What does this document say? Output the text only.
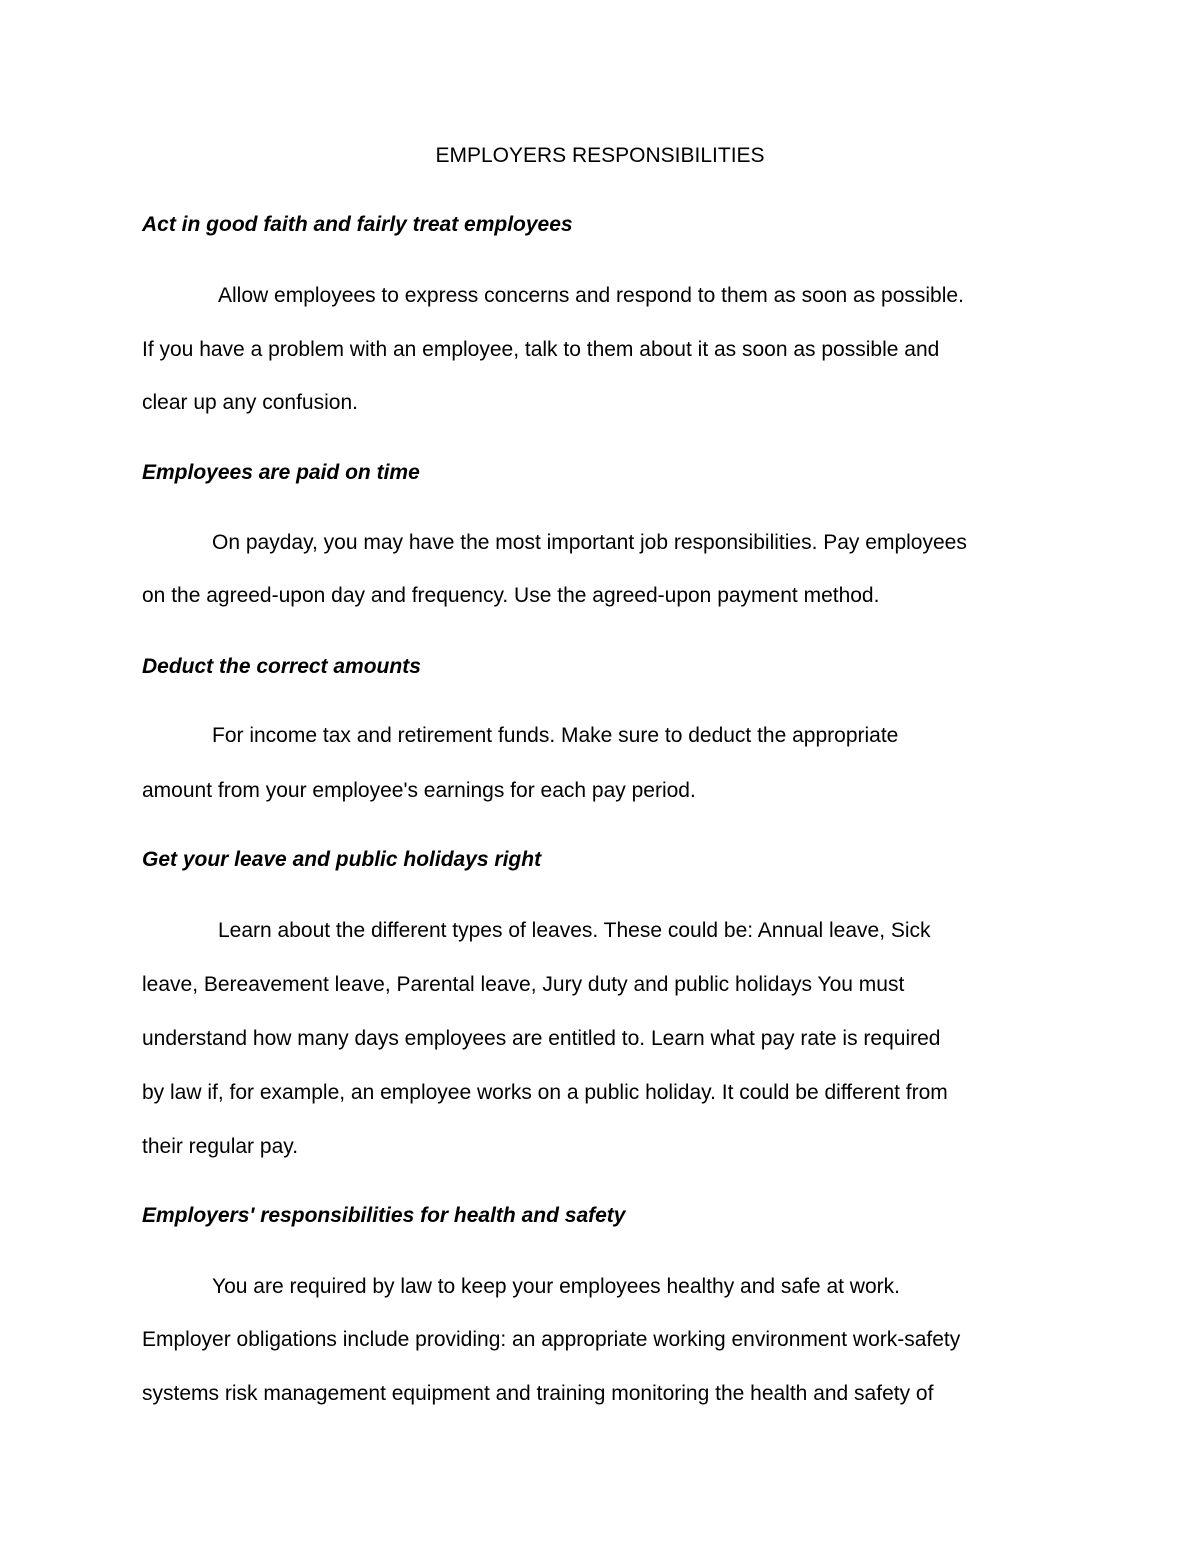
EMPLOYERS RESPONSIBILITIES
Act in good faith and fairly treat employees

Allow employees to express concerns and respond to them as soon as possible.

If you have a problem with an employee, talk to them about it as soon as possible and

clear up any confusion.

Employees are paid on time

On payday, you may have the most important job responsibilities. Pay employees

on the agreed-upon day and frequency. Use the agreed-upon payment method.

Deduct the correct amounts

For income tax and retirement funds. Make sure to deduct the appropriate

amount from your employee's earnings for each pay period.

Get your leave and public holidays right

Learn about the different types of leaves. These could be: Annual leave, Sick

leave, Bereavement leave, Parental leave, Jury duty and public holidays You must

understand how many days employees are entitled to. Learn what pay rate is required

by law if, for example, an employee works on a public holiday. It could be different from

their regular pay.

Employers' responsibilities for health and safety

You are required by law to keep your employees healthy and safe at work.

Employer obligations include providing: an appropriate working environment work-safety

systems risk management equipment and training monitoring the health and safety of
